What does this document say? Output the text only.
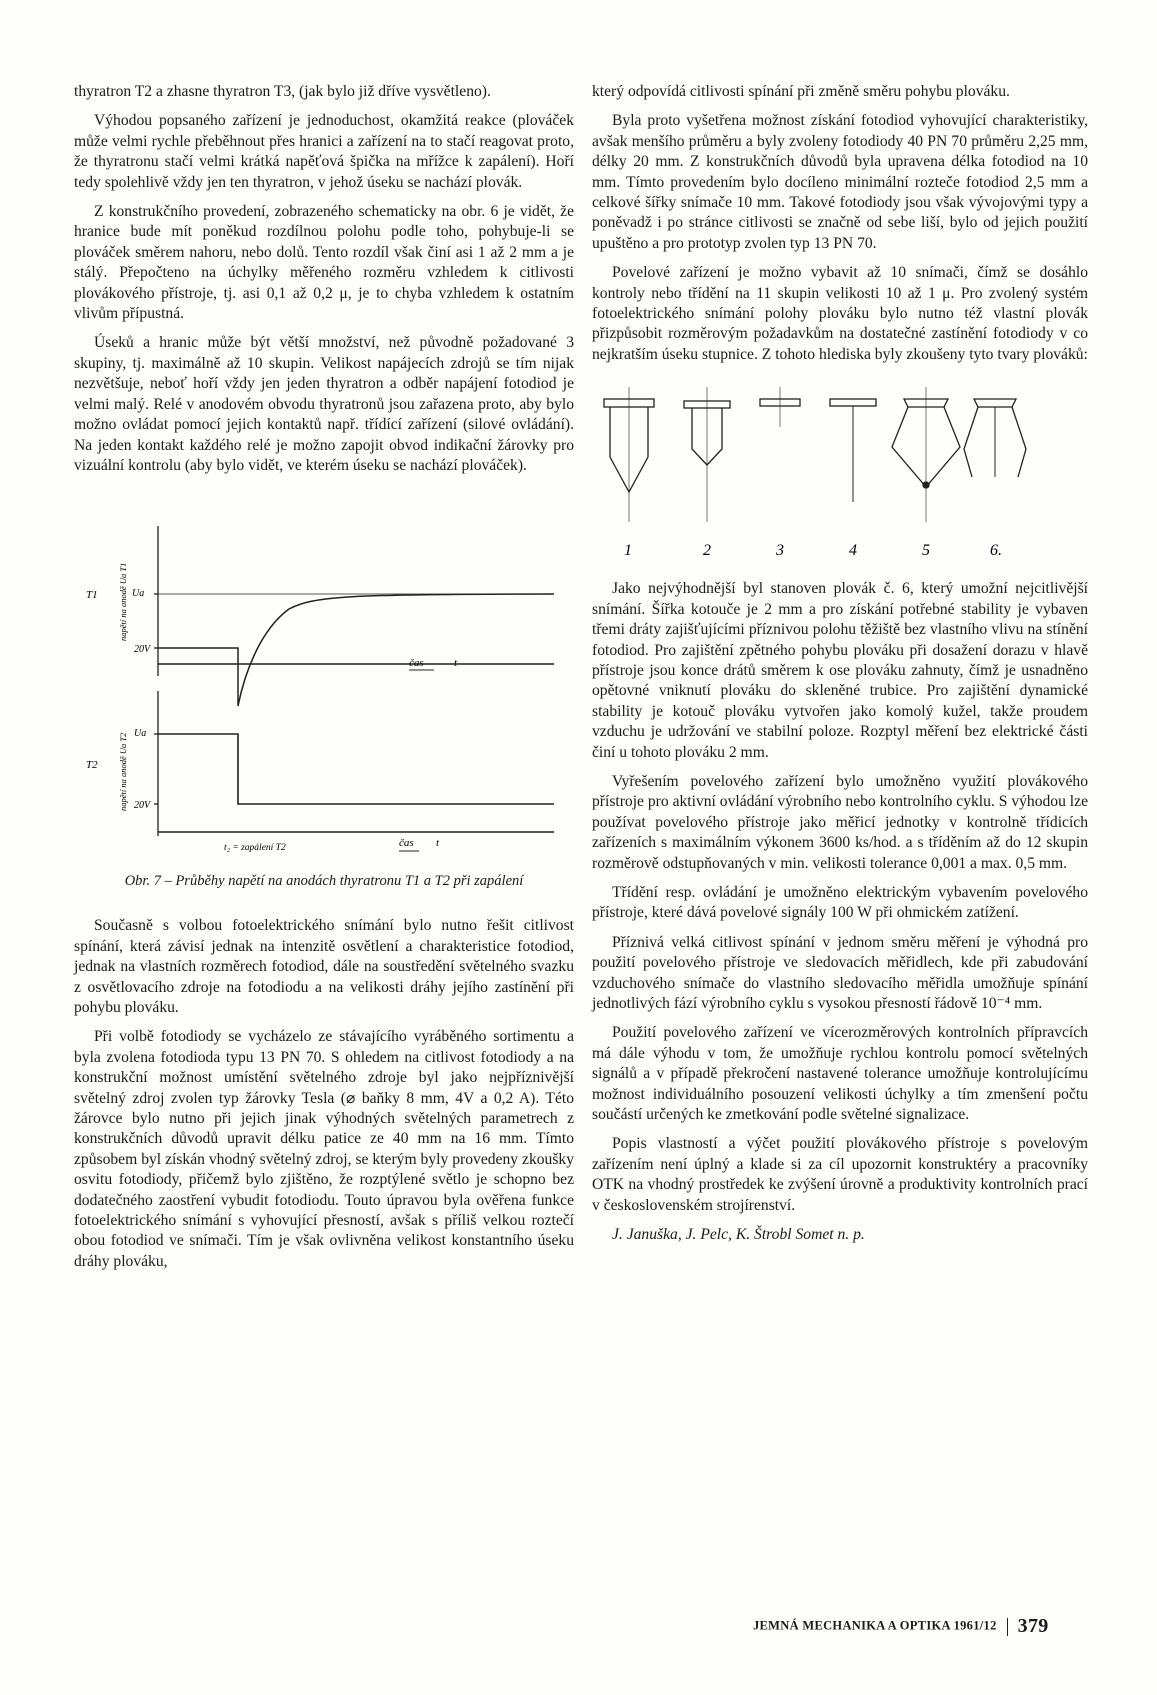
thyratron T2 a zhasne thyratron T3, (jak bylo již dříve vysvětleno).

Výhodou popsaného zařízení je jednoduchost, okamžitá reakce (plováček může velmi rychle přeběhnout přes hranici a zařízení na to stačí reagovat proto, že thyratronu stačí velmi krátká napěťová špička na mřížce k zapálení). Hoří tedy spolehlivě vždy jen ten thyratron, v jehož úseku se nachází plovák.

Z konstrukčního provedení, zobrazeného schematicky na obr. 6 je vidět, že hranice bude mít poněkud rozdílnou polohu podle toho, pohybuje-li se plováček směrem nahoru, nebo dolů. Tento rozdíl však činí asi 1 až 2 mm a je stálý. Přepočteno na úchylky měřeného rozměru vzhledem k citlivosti plovákového přístroje, tj. asi 0,1 až 0,2 μ, je to chyba vzhledem k ostatním vlivům přípustná.

Úseků a hranic může být větší množství, než původně požadované 3 skupiny, tj. maximálně až 10 skupin. Velikost napájecích zdrojů se tím nijak nezvětšuje, neboť hoří vždy jen jeden thyratron a odběr napájení fotodiod je velmi malý. Relé v anodovém obvodu thyratronů jsou zařazena proto, aby bylo možno ovládat pomocí jejich kontaktů např. třídící zařízení (silové ovládání). Na jeden kontakt každého relé je možno zapojit obvod indikační žárovky pro vizuální kontrolu (aby bylo vidět, ve kterém úseku se nachází plováček).

T1	Ua
20V
čas	t
napětí na anodě Ua T1
T2
Ua
20V
t₂ = zapálení T2	čas t
napětí na anodě Ua T2
Obr. 7 – Průběhy napětí na anodách thyratronu T1 a T2 při zapálení

Současně s volbou fotoelektrického snímání bylo nutno řešit citlivost spínání, která závisí jednak na intenzitě osvětlení a charakteristice fotodiod, jednak na vlastních rozměrech fotodiod, dále na soustředění světelného svazku z osvětlovacího zdroje na fotodiodu a na velikosti dráhy jejího zastínění při pohybu plováku.

Při volbě fotodiody se vycházelo ze stávajícího vyráběného sortimentu a byla zvolena fotodioda typu 13 PN 70. S ohledem na citlivost fotodiody a na konstrukční možnost umístění světelného zdroje byl jako nejpříznivější světelný zdroj zvolen typ žárovky Tesla (⌀ baňky 8 mm, 4V a 0,2 A). Této žárovce bylo nutno při jejich jinak výhodných světelných parametrech z konstrukčních důvodů upravit délku patice ze 40 mm na 16 mm. Tímto způsobem byl získán vhodný světelný zdroj, se kterým byly provedeny zkoušky osvitu fotodiody, přičemž bylo zjištěno, že rozptýlené světlo je schopno bez dodatečného zaostření vybudit fotodiodu. Touto úpravou byla ověřena funkce fotoelektrického snímání s vyhovující přesností, avšak s příliš velkou roztečí obou fotodiod ve snímači. Tím je však ovlivněna velikost konstantního úseku dráhy plováku,

který odpovídá citlivosti spínání při změně směru pohybu plováku.

Byla proto vyšetřena možnost získání fotodiod vyhovující charakteristiky, avšak menšího průměru a byly zvoleny fotodiody 40 PN 70 průměru 2,25 mm, délky 20 mm. Z konstrukčních důvodů byla upravena délka fotodiod na 10 mm. Tímto provedením bylo docíleno minimální rozteče fotodiod 2,5 mm a celkové šířky snímače 10 mm. Takové fotodiody jsou však vývojovými typy a poněvadž i po stránce citlivosti se značně od sebe liší, bylo od jejich použití upuštěno a pro prototyp zvolen typ 13 PN 70.

Povelové zařízení je možno vybavit až 10 snímači, čímž se dosáhlo kontroly nebo třídění na 11 skupin velikosti 10 až 1 μ. Pro zvolený systém fotoelektrického snímání polohy plováku bylo nutno též vlastní plovák přizpůsobit rozměrovým požadavkům na dostatečné zastínění fotodiody v co nejkratším úseku stupnice. Z tohoto hlediska byly zkoušeny tyto tvary plováků:

1	2	3	4	5	6.

Jako nejvýhodnější byl stanoven plovák č. 6, který umožní nejcitlivější snímání. Šířka kotouče je 2 mm a pro získání potřebné stability je vybaven třemi dráty zajišťujícími příznivou polohu těžiště bez vlastního vlivu na stínění fotodiod. Pro zajištění zpětného pohybu plováku při dosažení dorazu v hlavě přístroje jsou konce drátů směrem k ose plováku zahnuty, čímž je usnadněno opětovné vniknutí plováku do skleněné trubice. Pro zajištění dynamické stability je kotouč plováku vytvořen jako komolý kužel, takže proudem vzduchu je udržování ve stabilní poloze. Rozptyl měření bez elektrické části činí u tohoto plováku 2 mm.

Vyřešením povelového zařízení bylo umožněno využití plovákového přístroje pro aktivní ovládání výrobního nebo kontrolního cyklu. S výhodou lze používat povelového přístroje jako měřicí jednotky v kontrolně třídicích zařízeních s maximálním výkonem 3600 ks/hod. a s tříděním až do 12 skupin rozměrově odstupňovaných v min. velikosti tolerance 0,001 a max. 0,5 mm.

Třídění resp. ovládání je umožněno elektrickým vybavením povelového přístroje, které dává povelové signály 100 W při ohmickém zatížení.

Příznivá velká citlivost spínání v jednom směru měření je výhodná pro použití povelového přístroje ve sledovacích měřidlech, kde při zabudování vzduchového snímače do vlastního sledovacího měřidla umožňuje spínání jednotlivých fází výrobního cyklu s vysokou přesností řádově 10⁻⁴ mm.

Použití povelového zařízení ve vícerozměrových kontrolních přípravcích má dále výhodu v tom, že umožňuje rychlou kontrolu pomocí světelných signálů a v případě překročení nastavené tolerance umožňuje kontrolujícímu možnost individuálního posouzení velikosti úchylky a tím zmenšení počtu součástí určených ke zmetkování podle světelné signalizace.

Popis vlastností a výčet použití plovákového přístroje s povelovým zařízením není úplný a klade si za cíl upozornit konstruktéry a pracovníky OTK na vhodný prostředek ke zvýšení úrovně a produktivity kontrolních prací v československém strojírenství.

J. Januška, J. Pelc, K. Štrobl Somet n. p.

JEMNÁ MECHANIKA A OPTIKA 1961/12 379
